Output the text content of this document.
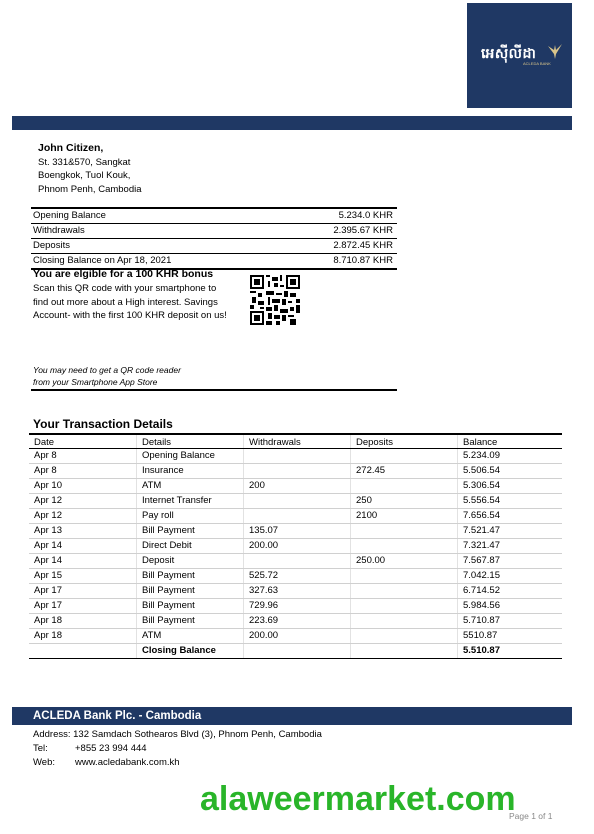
អេស៊ីលីដា
ACLEDA BANK
John Citizen,
St. 331&570, Sangkat
Boengkok, Tuol Kouk,
Phnom Penh, Cambodia
Opening Balance	5.234.0 KHR
Withdrawals	2.395.67 KHR
Deposits	2.872.45 KHR
Closing Balance on Apr 18, 2021	8.710.87 KHR
You are elgible for a 100 KHR bonus
Scan this QR code with your smartphone to find out more about a High interest. Savings Account- with the first 100 KHR deposit on us!
You may need to get a QR code reader
from your Smartphone App Store
Your Transaction Details
Date	Details	Withdrawals	Deposits	Balance
Apr 8	Opening Balance			5.234.09
Apr 8	Insurance		272.45	5.506.54
Apr 10	ATM	200		5.306.54
Apr 12	Internet Transfer		250	5.556.54
Apr 12	Pay roll		2100	7.656.54
Apr 13	Bill Payment	135.07		7.521.47
Apr 14	Direct Debit	200.00		7.321.47
Apr 14	Deposit		250.00	7.567.87
Apr 15	Bill Payment	525.72		7.042.15
Apr 17	Bill Payment	327.63		6.714.52
Apr 17	Bill Payment	729.96		5.984.56
Apr 18	Bill Payment	223.69		5.710.87
Apr 18	ATM	200.00		5510.87
	Closing Balance			5.510.87
ACLEDA Bank Plc. - Cambodia
Address: 132 Samdach Sothearos Blvd (3), Phnom Penh, Cambodia
Tel:	+855 23 994 444
Web: www.acledabank.com.kh
alaweermarket.com
Page 1 of 1
